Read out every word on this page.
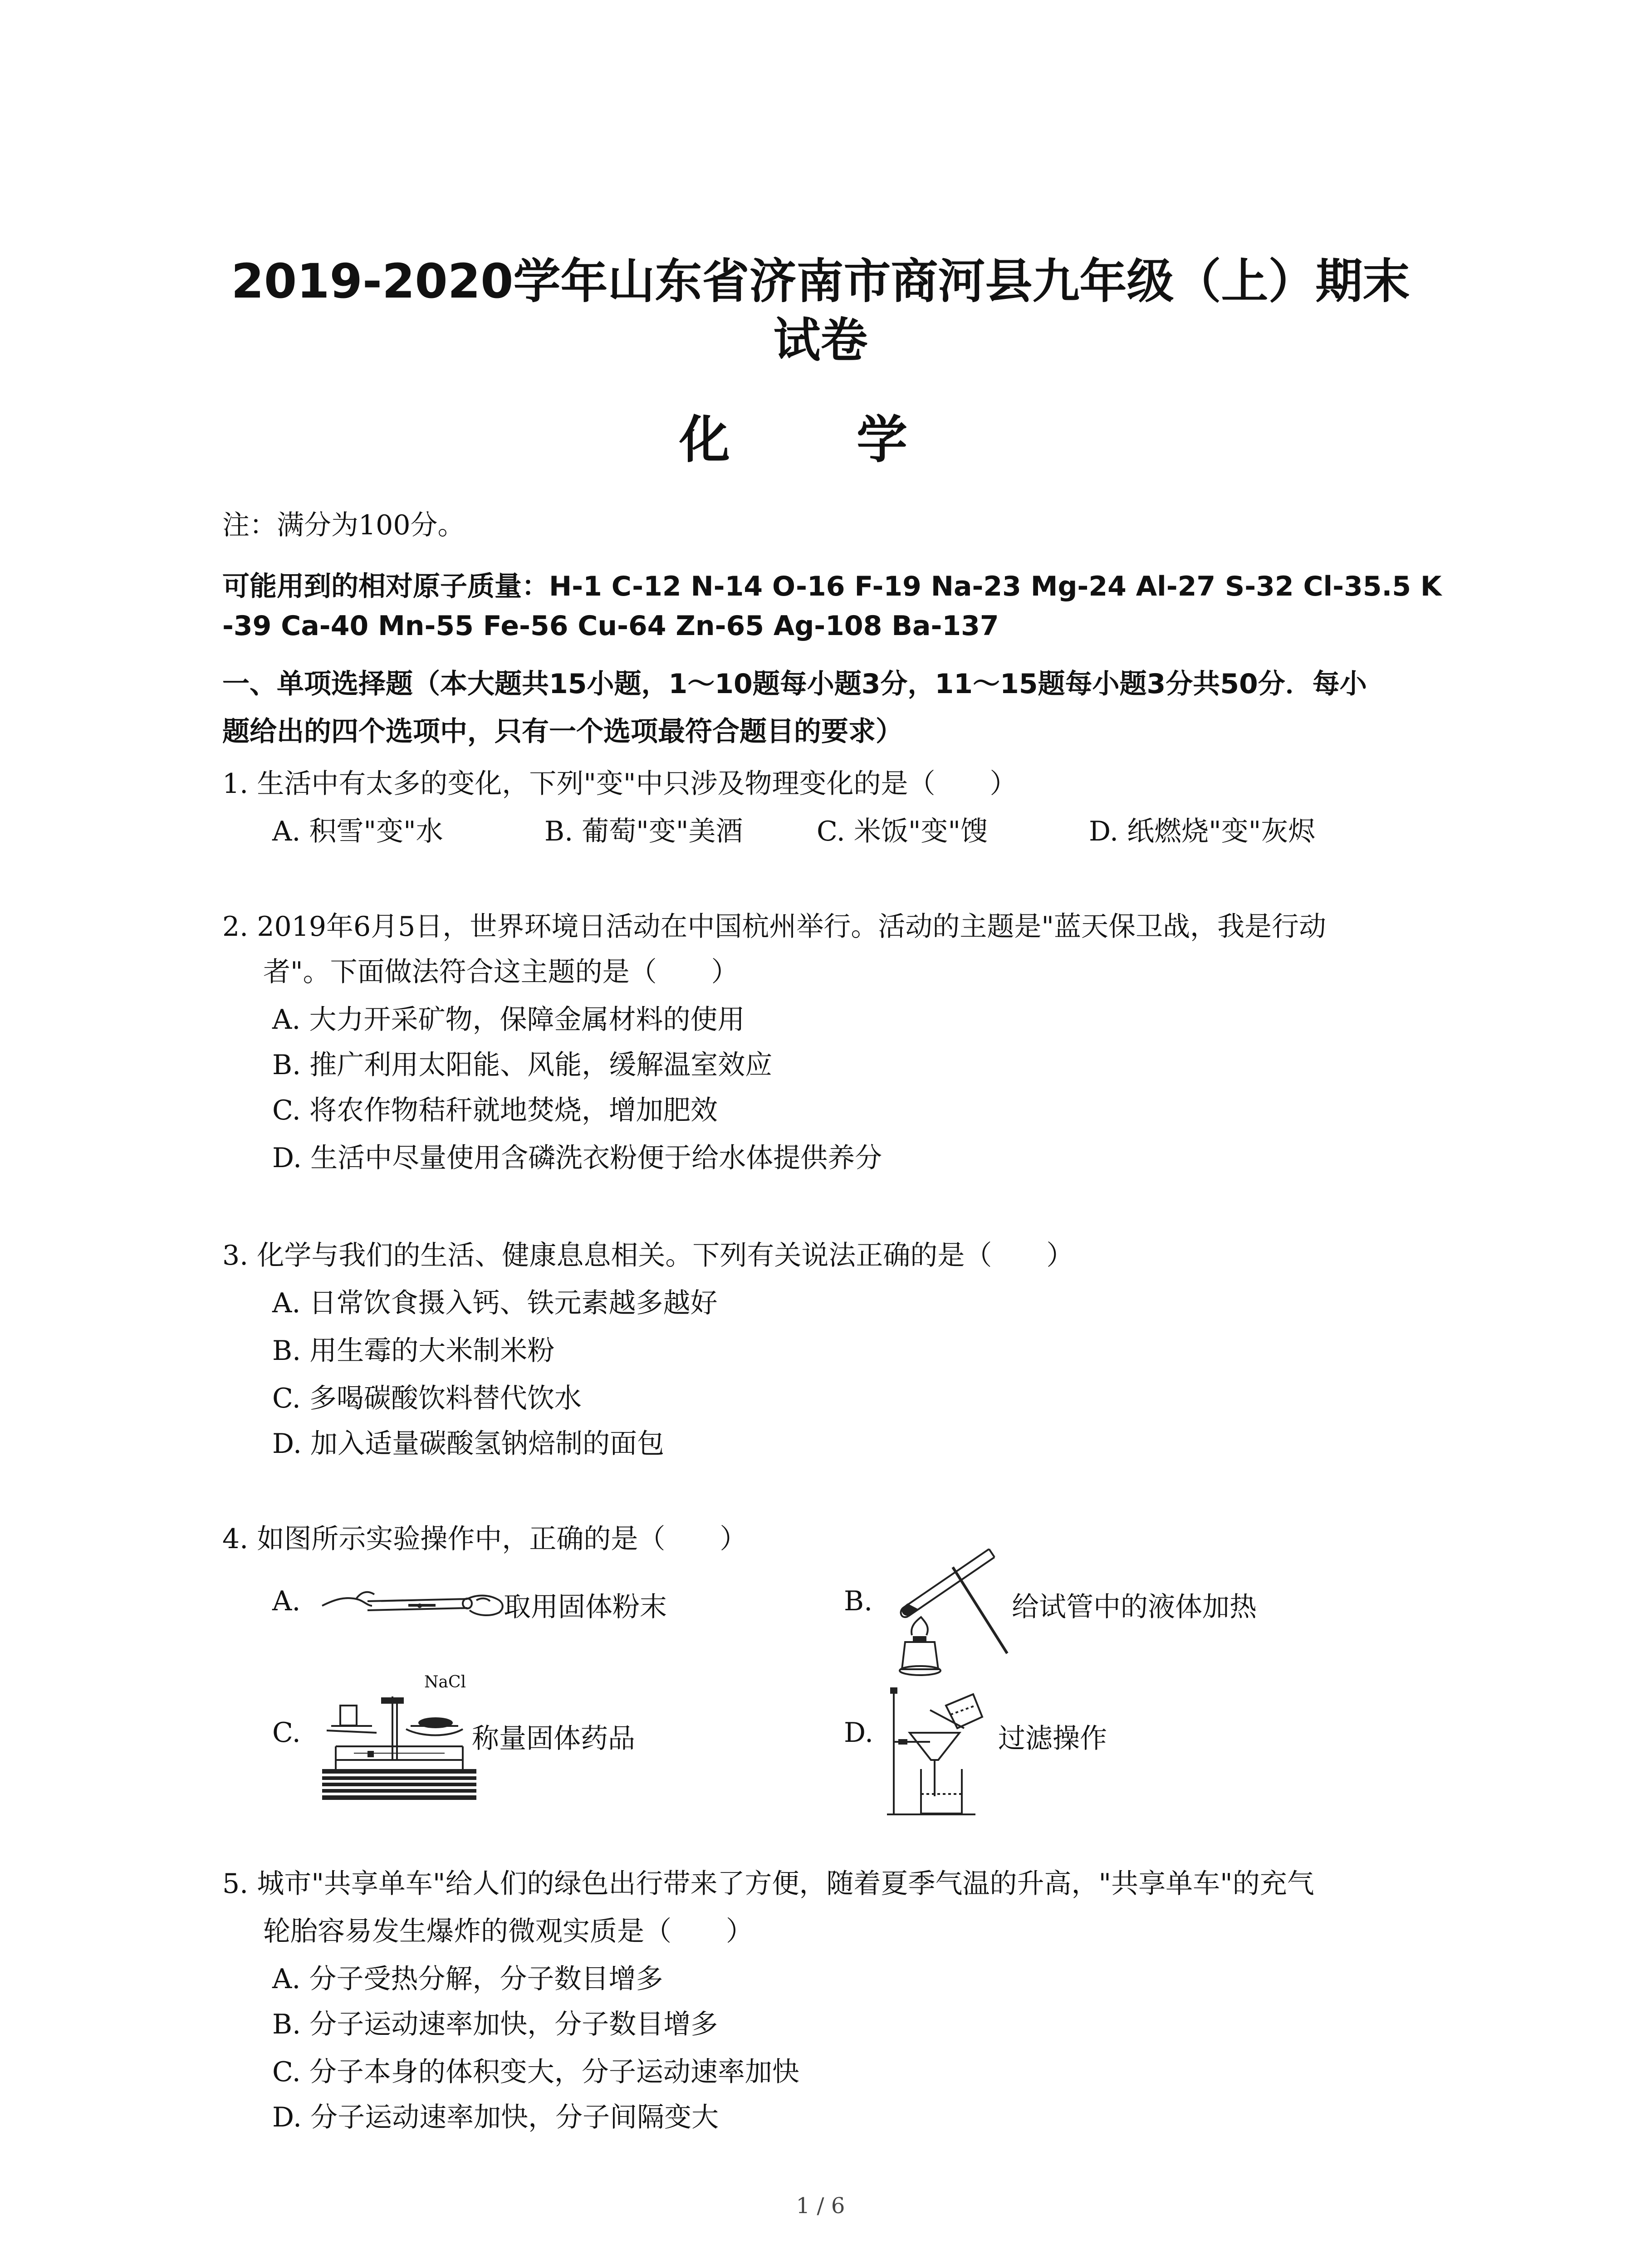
2019-2020学年山东省济南市商河县九年级（上）期末
试卷
化 学
注：满分为100分。
可能用到的相对原子质量：H-1 C-12 N-14 O-16 F-19 Na-23 Mg-24 Al-27 S-32 Cl-35.5 K
-39 Ca-40 Mn-55 Fe-56 Cu-64 Zn-65 Ag-108 Ba-137
一、单项选择题（本大题共15小题，1～10题每小题3分，11～15题每小题3分共50分．每小
题给出的四个选项中，只有一个选项最符合题目的要求）
1. 生活中有太多的变化，下列"变"中只涉及物理变化的是（　　）
A. 积雪"变"水	B. 葡萄"变"美酒	C. 米饭"变"馊	D. 纸燃烧"变"灰烬
2. 2019年6月5日，世界环境日活动在中国杭州举行。活动的主题是"蓝天保卫战，我是行动
者"。下面做法符合这主题的是（　　）
A. 大力开采矿物，保障金属材料的使用
B. 推广利用太阳能、风能，缓解温室效应
C. 将农作物秸秆就地焚烧，增加肥效
D. 生活中尽量使用含磷洗衣粉便于给水体提供养分
3. 化学与我们的生活、健康息息相关。下列有关说法正确的是（　　）
A. 日常饮食摄入钙、铁元素越多越好
B. 用生霉的大米制米粉
C. 多喝碳酸饮料替代饮水
D. 加入适量碳酸氢钠焙制的面包
4. 如图所示实验操作中，正确的是（　　）
A.	取用固体粉末	B.	给试管中的液体加热
C.
NaCl
称量固体药品	D.	过滤操作
5. 城市"共享单车"给人们的绿色出行带来了方便，随着夏季气温的升高，"共享单车"的充气
轮胎容易发生爆炸的微观实质是（　　）
A. 分子受热分解，分子数目增多
B. 分子运动速率加快，分子数目增多
C. 分子本身的体积变大，分子运动速率加快
D. 分子运动速率加快，分子间隔变大
1 / 6
